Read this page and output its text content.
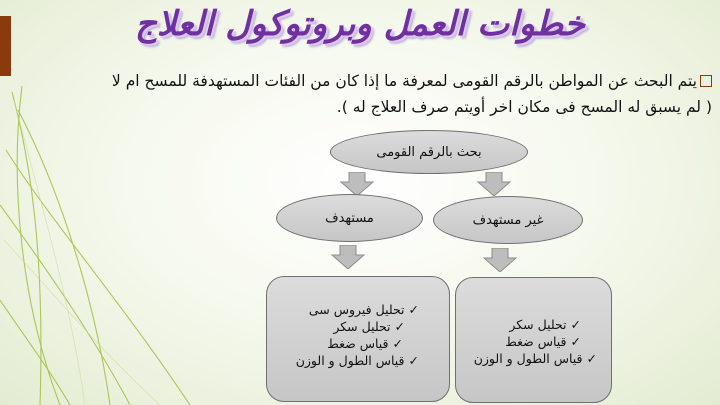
خطوات العمل وبروتوكول العلاج
يتم البحث عن المواطن بالرقم القومى لمعرفة ما إذا كان من الفئات المستهدفة للمسح ام لا
( لم يسبق له المسح فى مكان اخر أويتم صرف العلاج له ).
بحث بالرقم القومى
مستهدف	غير مستهدف
✓ تحليل فيروس سى
✓ تحليل سكر
✓ قياس ضغط
✓ قياس الطول و الوزن
✓ تحليل سكر
✓ قياس ضغط
✓ قياس الطول و الوزن
